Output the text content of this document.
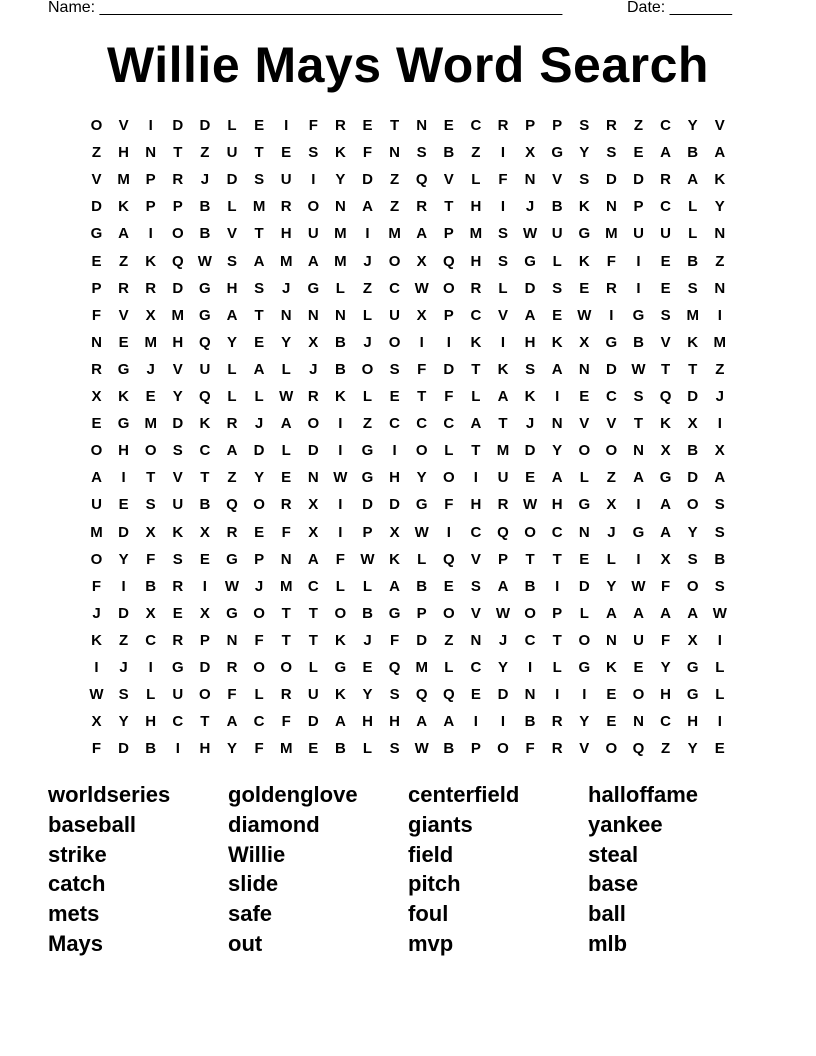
Name: ____________________________________________________	Date: _______
Willie Mays Word Search
O	V	I	D	D	L	E	I	F	R	E	T	N	E	C	R	P	P	S	R	Z	C	Y	V
Z	H	N	T	Z	U	T	E	S	K	F	N	S	B	Z	I	X	G	Y	S	E	A	B	A
V	M	P	R	J	D	S	U	I	Y	D	Z	Q	V	L	F	N	V	S	D	D	R	A	K
D	K	P	P	B	L	M	R	O	N	A	Z	R	T	H	I	J	B	K	N	P	C	L	Y
G	A	I	O	B	V	T	H	U	M	I	M	A	P	M	S	W U	G	M	U	U	L	N
E	Z	K	Q W	S	A	M	A	M	J	O	X	Q	H	S	G	L	K	F	I	E	B	Z
P	R	R	D	G	H	S	J	G	L	Z	C W O	R	L	D	S	E	R	I	E	S	N
F	V	X	M	G	A	T	N	N	N	L	U	X	P	C	V	A	E	W	I	G	S	M	I
N	E	M	H	Q	Y	E	Y	X	B	J	O	I	I	K	I	H	K	X	G	B	V	K	M
R	G	J	V	U	L	A	L	J	B	O	S	F	D	T	K	S	A	N	D W	T	T	Z
X	K	E	Y	Q	L	L	W R	K	L	E	T	F	L	A	K	I	E	C	S	Q	D	J
E	G	M	D	K	R	J	A	O	I	Z	C	C	C	A	T	J	N	V	V	T	K	X	I
O	H	O	S	C	A	D	L	D	I	G	I	O	L	T	M	D	Y	O	O	N	X	B	X
A	I	T	V	T	Z	Y	E	N W G	H	Y	O	I	U	E	A	L	Z	A	G	D	A
U	E	S	U	B	Q	O	R	X	I	D	D	G	F	H	R W H	G	X	I	A	O	S
M	D	X	K	X	R	E	F	X	I	P	X	W	I	C	Q	O	C	N	J	G	A	Y	S
O	Y	F	S	E	G	P	N	A	F	W K	L	Q	V	P	T	T	E	L	I	X	S	B
F	I	B	R	I	W	J	M	C	L	L	A	B	E	S	A	B	I	D	Y	W	F	O	S
J	D	X	E	X	G	O	T	T	O	B	G	P	O	V	W O	P	L	A	A	A	A W
K	Z	C	R	P	N	F	T	T	K	J	F	D	Z	N	J	C	T	O	N	U	F	X	I
I	J	I	G	D	R	O	O	L	G	E	Q	M	L	C	Y	I	L	G	K	E	Y	G	L
W	S	L	U	O	F	L	R	U	K	Y	S	Q	Q	E	D	N	I	I	E	O	H	G	L
X	Y	H	C	T	A	C	F	D	A	H	H	A	A	I	I	B	R	Y	E	N	C	H	I
F	D	B	I	H	Y	F	M	E	B	L	S	W B	P	O	F	R	V	O	Q	Z	Y	E
worldseries
baseball
strike
catch
mets
Mays
goldenglove
diamond
Willie
slide
safe
out
centerfield
giants
field
pitch
foul
mvp
halloffame
yankee
steal
base
ball
mlb
